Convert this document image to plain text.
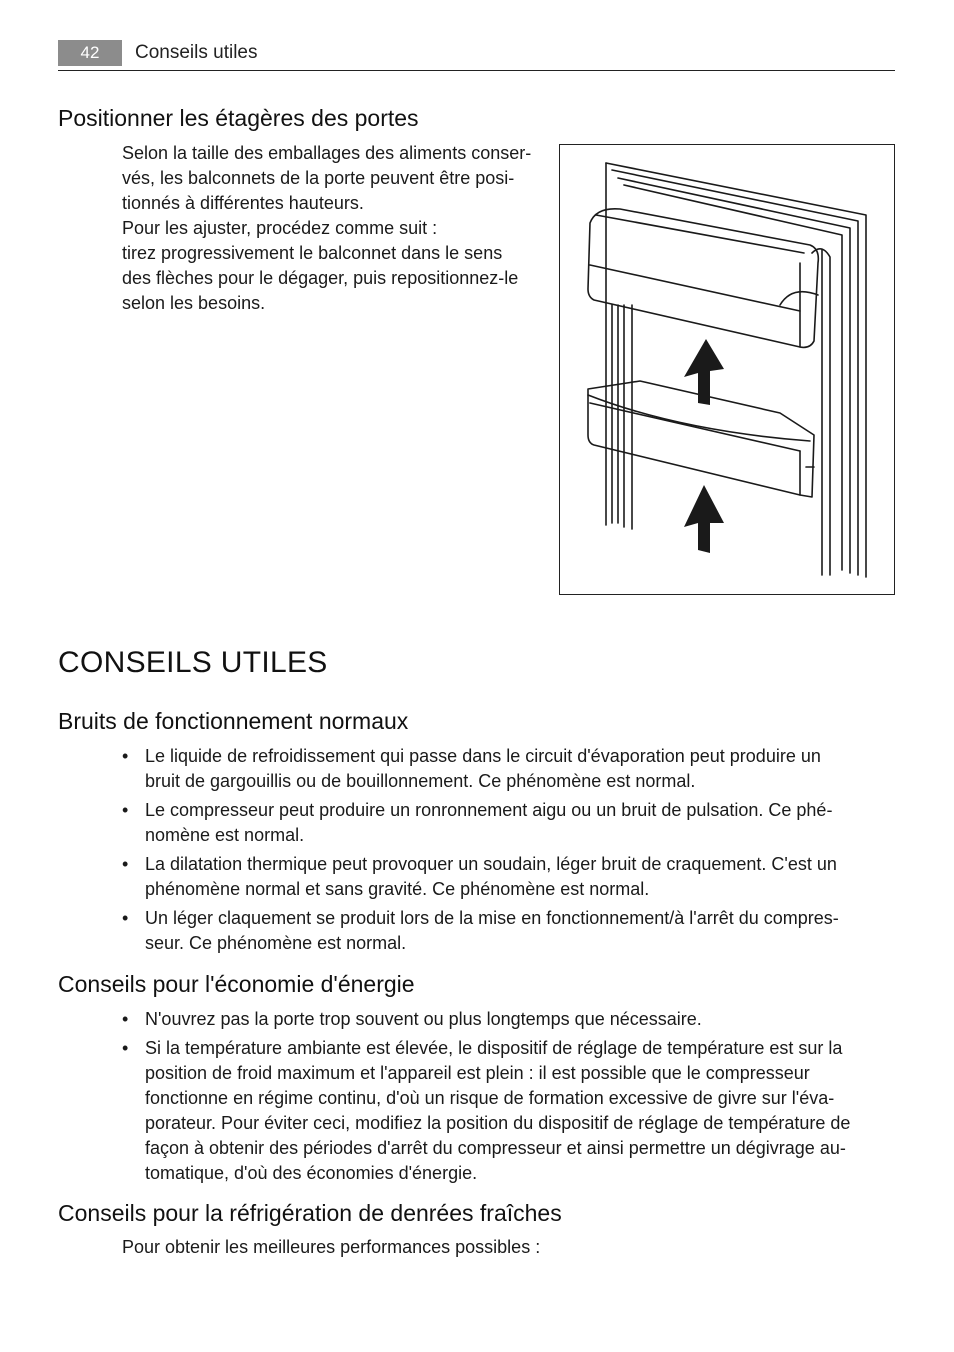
42	Conseils utiles
Positionner les étagères des portes
Selon la taille des emballages des aliments conser-
vés, les balconnets de la porte peuvent être posi-
tionnés à différentes hauteurs.
Pour les ajuster, procédez comme suit :
tirez progressivement le balconnet dans le sens
des flèches pour le dégager, puis repositionnez-le
selon les besoins.
CONSEILS UTILES
Bruits de fonctionnement normaux
• Le liquide de refroidissement qui passe dans le circuit d'évaporation peut produire un
bruit de gargouillis ou de bouillonnement. Ce phénomène est normal.
• Le compresseur peut produire un ronronnement aigu ou un bruit de pulsation. Ce phé-
nomène est normal.
• La dilatation thermique peut provoquer un soudain, léger bruit de craquement. C'est un
phénomène normal et sans gravité. Ce phénomène est normal.
• Un léger claquement se produit lors de la mise en fonctionnement/à l'arrêt du compres-
seur. Ce phénomène est normal.
Conseils pour l'économie d'énergie
• N'ouvrez pas la porte trop souvent ou plus longtemps que nécessaire.
• Si la température ambiante est élevée, le dispositif de réglage de température est sur la
position de froid maximum et l'appareil est plein : il est possible que le compresseur
fonctionne en régime continu, d'où un risque de formation excessive de givre sur l'éva-
porateur. Pour éviter ceci, modifiez la position du dispositif de réglage de température de
façon à obtenir des périodes d'arrêt du compresseur et ainsi permettre un dégivrage au-
tomatique, d'où des économies d'énergie.
Conseils pour la réfrigération de denrées fraîches

Pour obtenir les meilleures performances possibles :
